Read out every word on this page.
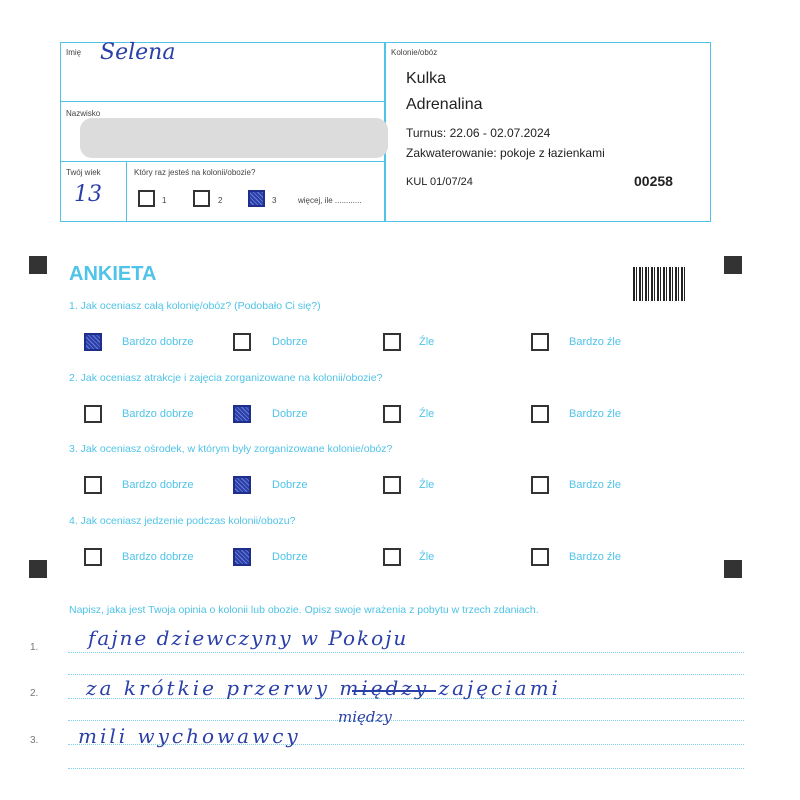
Imię Selena
Nazwisko
Twój wiek
13
Który raz jesteś na kolonii/obozie?
1	2	3	więcej, ile ............
Kolonie/obóz
Kulka
Adrenalina
Turnus: 22.06 - 02.07.2024
Zakwaterowanie: pokoje z łazienkami
KUL 01/07/24	00258
ANKIETA
1. Jak oceniasz całą kolonię/obóz? (Podobało Ci się?)
Bardzo dobrze	Dobrze	Źle	Bardzo źle
2. Jak oceniasz atrakcje i zajęcia zorganizowane na kolonii/obozie?
Bardzo dobrze	Dobrze	Źle	Bardzo źle
3. Jak oceniasz ośrodek, w którym były zorganizowane kolonie/obóz?
Bardzo dobrze	Dobrze	Źle	Bardzo źle
4. Jak oceniasz jedzenie podczas kolonii/obozu?
Bardzo dobrze	Dobrze	Źle	Bardzo źle
Napisz, jaka jest Twoja opinia o kolonii lub obozie. Opisz swoje wrażenia z pobytu w trzech zdaniach.
1.
2.
3.
fajne dziewczyny w Pokoju
za krótkie przerwy między zajęciami
między
mili wychowawcy
